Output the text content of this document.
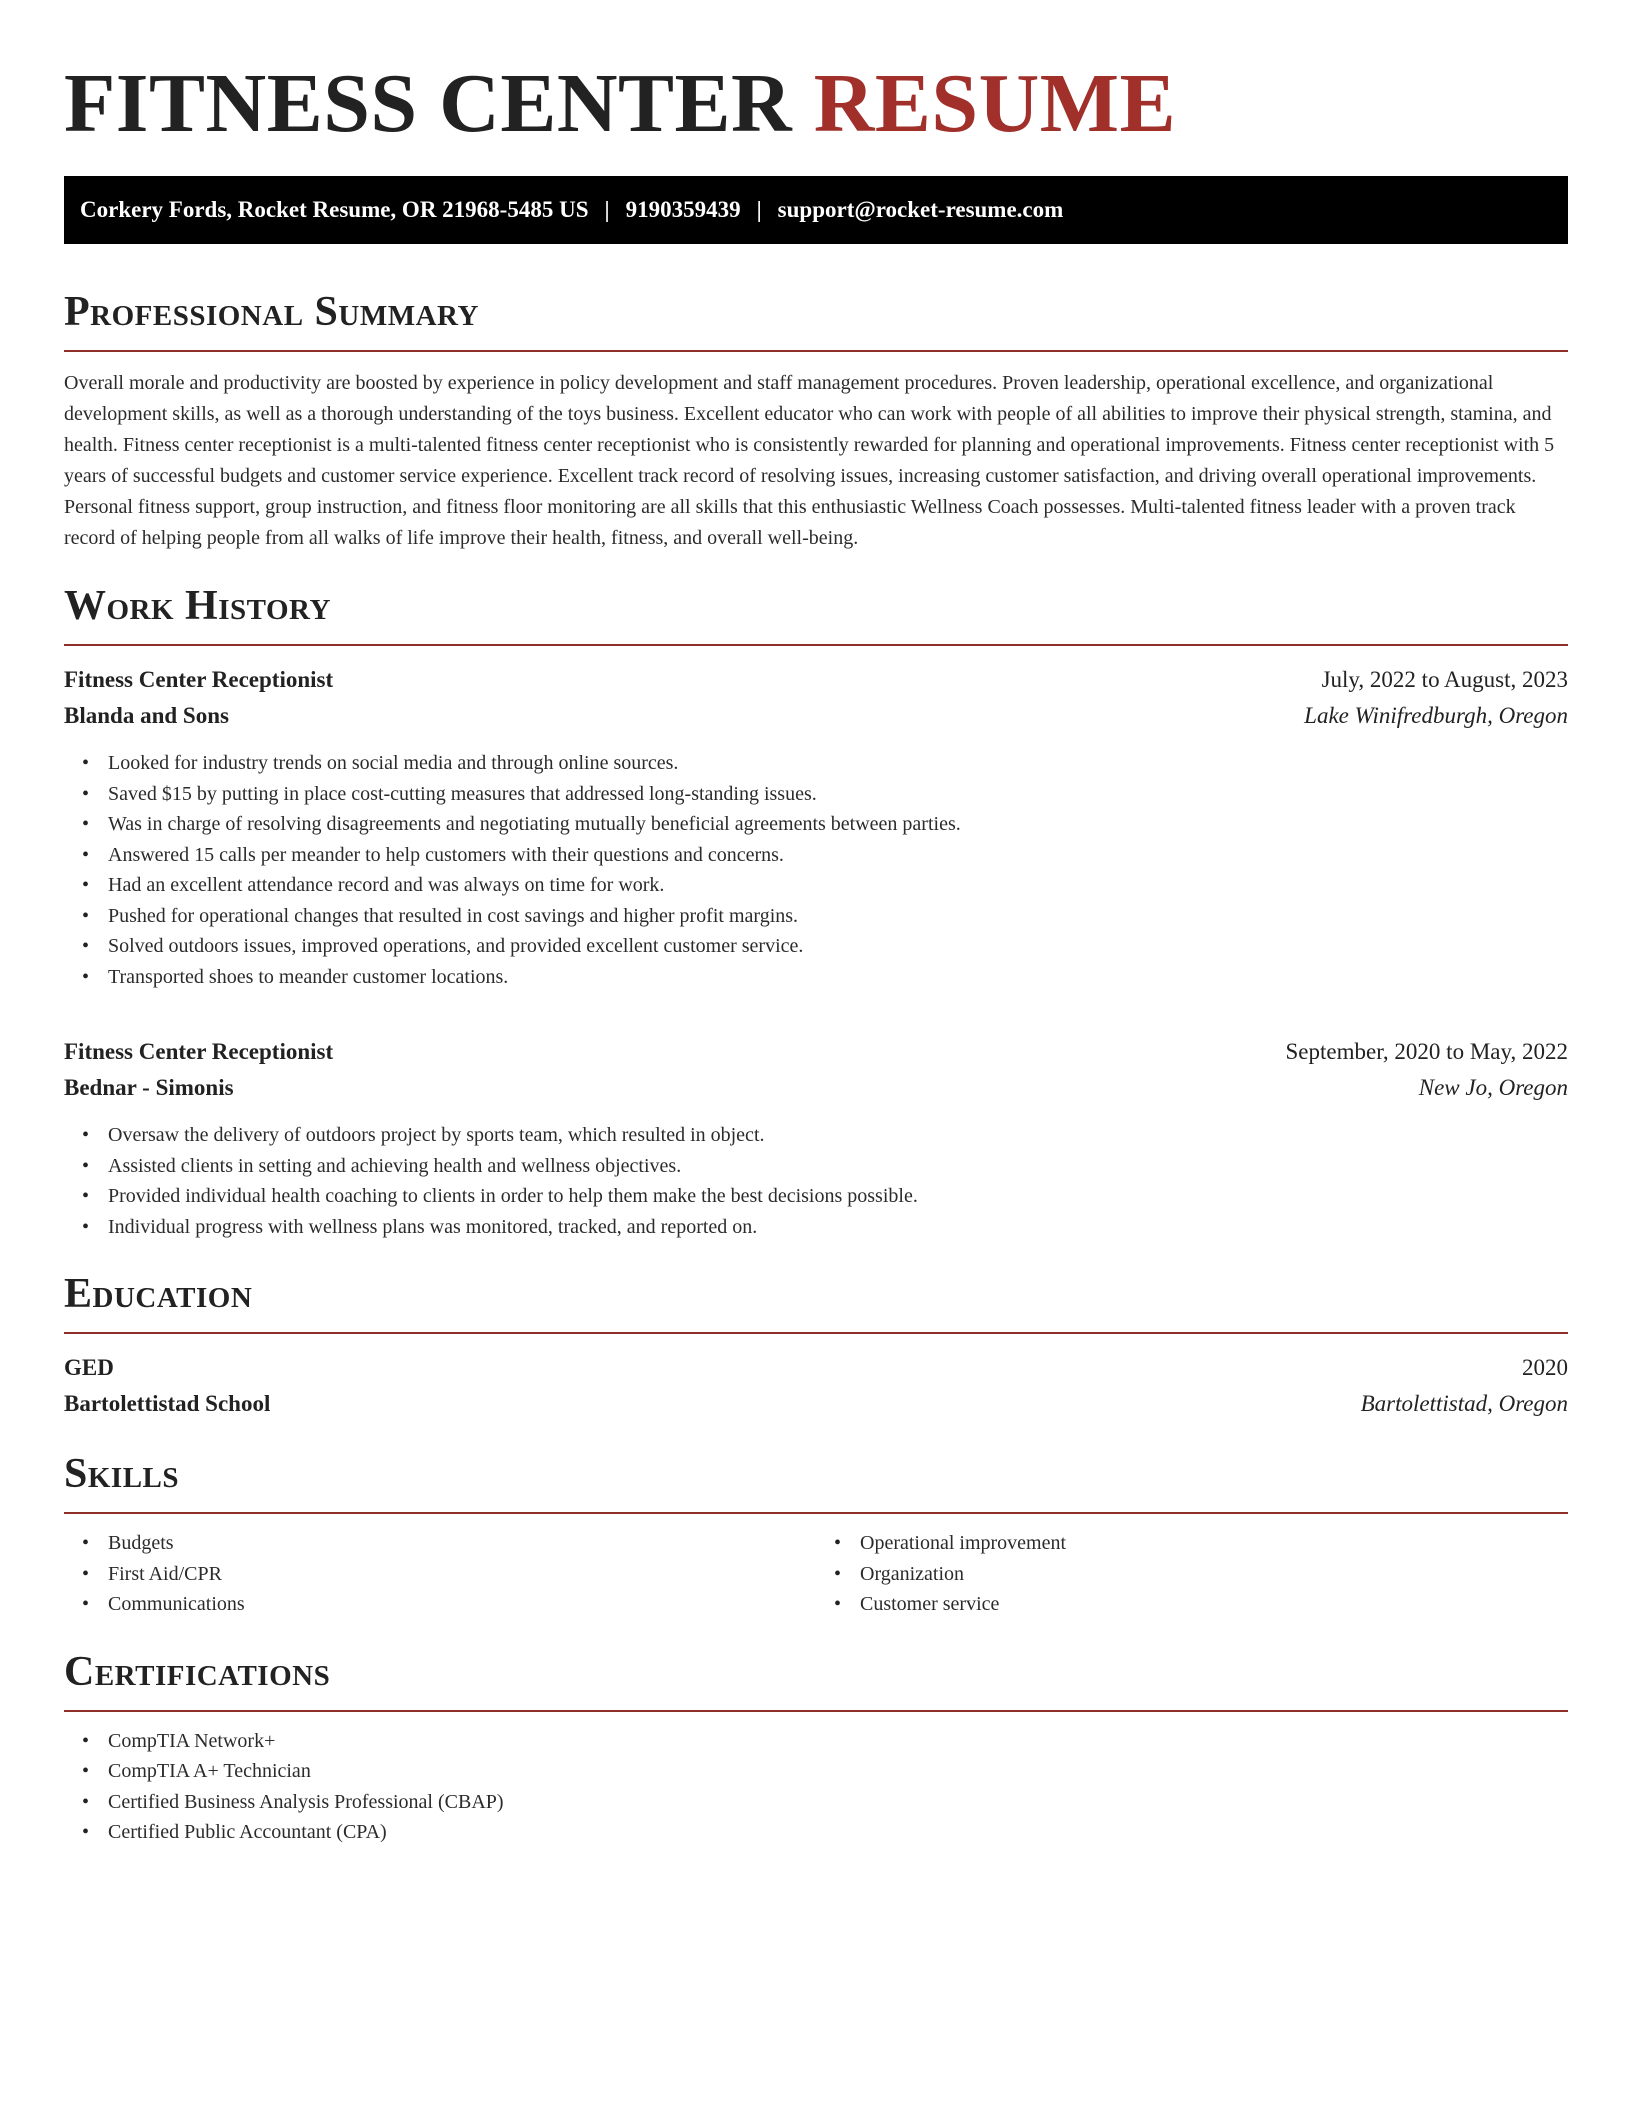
FITNESS CENTER RESUME
Corkery Fords, Rocket Resume, OR 21968-5485 US | 9190359439 | support@rocket-resume.com
Professional Summary

Overall morale and productivity are boosted by experience in policy development and staff management procedures. Proven leadership, operational excellence, and organizational development skills, as well as a thorough understanding of the toys business. Excellent educator who can work with people of all abilities to improve their physical strength, stamina, and health. Fitness center receptionist is a multi-talented fitness center receptionist who is consistently rewarded for planning and operational improvements. Fitness center receptionist with 5 years of successful budgets and customer service experience. Excellent track record of resolving issues, increasing customer satisfaction, and driving overall operational improvements. Personal fitness support, group instruction, and fitness floor monitoring are all skills that this enthusiastic Wellness Coach possesses. Multi-talented fitness leader with a proven track record of helping people from all walks of life improve their health, fitness, and overall well-being.

Work History
Fitness Center Receptionist	July, 2022 to August, 2023
Blanda and Sons	Lake Winifredburgh, Oregon
• Looked for industry trends on social media and through online sources.
• Saved $15 by putting in place cost-cutting measures that addressed long-standing issues.
• Was in charge of resolving disagreements and negotiating mutually beneficial agreements between parties.
• Answered 15 calls per meander to help customers with their questions and concerns.
• Had an excellent attendance record and was always on time for work.
• Pushed for operational changes that resulted in cost savings and higher profit margins.
• Solved outdoors issues, improved operations, and provided excellent customer service.
• Transported shoes to meander customer locations.
Fitness Center Receptionist	September, 2020 to May, 2022
Bednar - Simonis	New Jo, Oregon
• Oversaw the delivery of outdoors project by sports team, which resulted in object.
• Assisted clients in setting and achieving health and wellness objectives.
• Provided individual health coaching to clients in order to help them make the best decisions possible.
• Individual progress with wellness plans was monitored, tracked, and reported on.
Education
GED	2020
Bartolettistad School	Bartolettistad, Oregon
Skills
• Budgets
• First Aid/CPR
• Communications
• Operational improvement
• Organization
• Customer service
Certifications
• CompTIA Network+
• CompTIA A+ Technician
• Certified Business Analysis Professional (CBAP)
• Certified Public Accountant (CPA)
